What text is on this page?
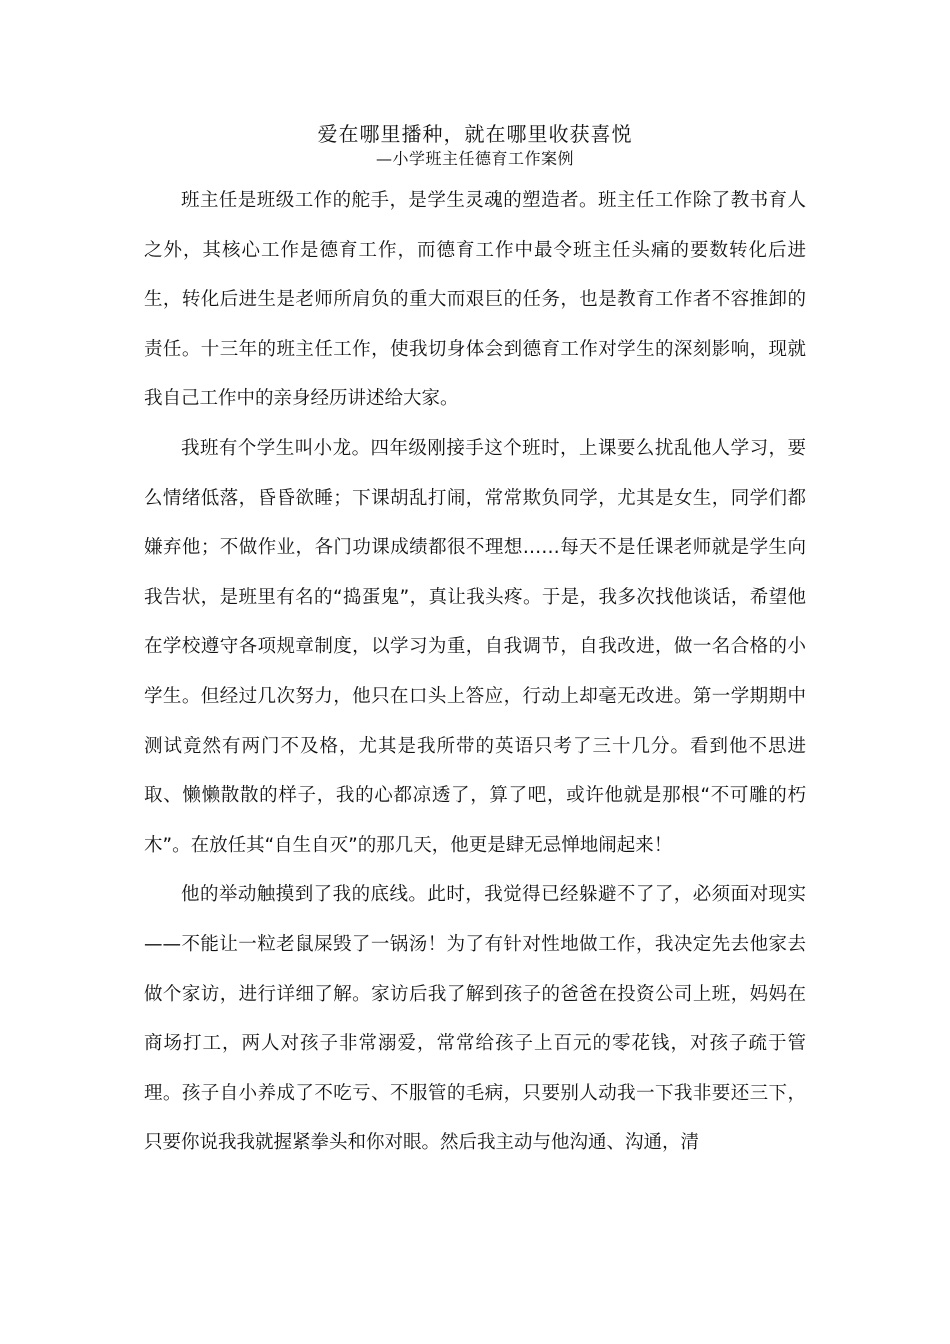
爱在哪里播种，就在哪里收获喜悦

—小学班主任德育工作案例

班主任是班级工作的舵手，是学生灵魂的塑造者。班主任工作除了教书育人之外，其核心工作是德育工作，而德育工作中最令班主任头痛的要数转化后进生，转化后进生是老师所肩负的重大而艰巨的任务，也是教育工作者不容推卸的责任。十三年的班主任工作，使我切身体会到德育工作对学生的深刻影响，现就我自己工作中的亲身经历讲述给大家。

我班有个学生叫小龙。四年级刚接手这个班时，上课要么扰乱他人学习，要么情绪低落，昏昏欲睡；下课胡乱打闹，常常欺负同学，尤其是女生，同学们都嫌弃他；不做作业，各门功课成绩都很不理想……每天不是任课老师就是学生向我告状，是班里有名的“捣蛋鬼”，真让我头疼。于是，我多次找他谈话，希望他在学校遵守各项规章制度，以学习为重，自我调节，自我改进，做一名合格的小学生。但经过几次努力，他只在口头上答应，行动上却毫无改进。第一学期期中测试竟然有两门不及格，尤其是我所带的英语只考了三十几分。看到他不思进取、懒懒散散的样子，我的心都凉透了，算了吧，或许他就是那根“不可雕的朽木”。在放任其“自生自灭”的那几天，他更是肆无忌惮地闹起来！

他的举动触摸到了我的底线。此时，我觉得已经躲避不了了，必须面对现实——不能让一粒老鼠屎毁了一锅汤！为了有针对性地做工作，我决定先去他家去做个家访，进行详细了解。家访后我了解到孩子的爸爸在投资公司上班，妈妈在商场打工，两人对孩子非常溺爱，常常给孩子上百元的零花钱，对孩子疏于管理。孩子自小养成了不吃亏、不服管的毛病，只要别人动我一下我非要还三下，只要你说我我就握紧拳头和你对眼。然后我主动与他沟通、沟通，清
